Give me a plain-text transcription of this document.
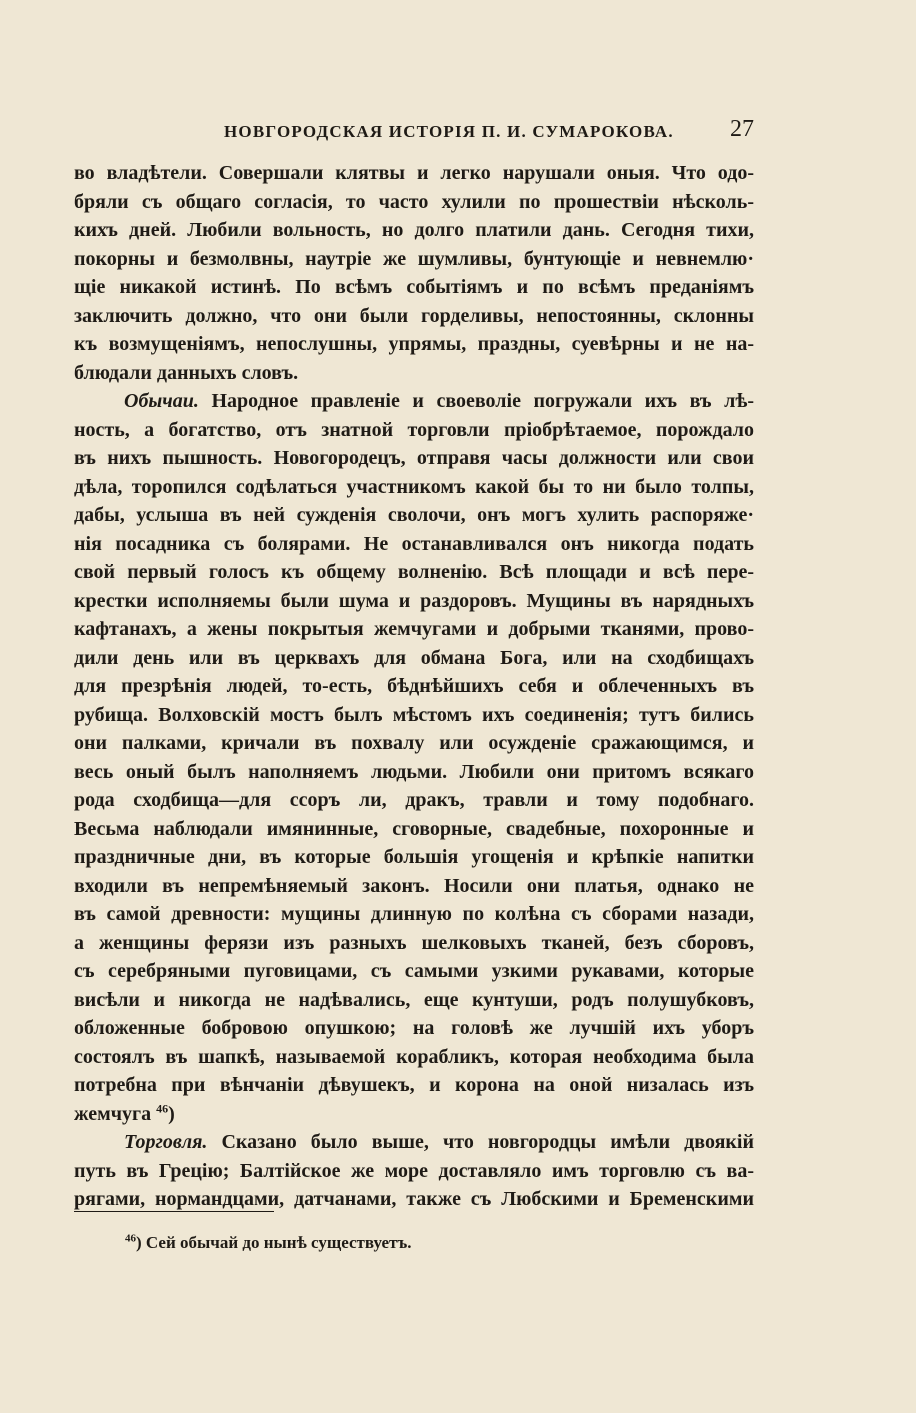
НОВГОРОДСКАЯ ИСТОРІЯ П. И. СУМАРОКОВА. 27
во владѣтели. Совершали клятвы и легко нарушали оныя. Что одо-
бряли съ общаго согласія, то часто хулили по прошествіи нѣсколь-
кихъ дней. Любили вольность, но долго платили дань. Сегодня тихи,
покорны и безмолвны, наутріе же шумливы, бунтующіе и невнемлю·
щіе никакой истинѣ. По всѣмъ событіямъ и по всѣмъ преданіямъ
заключить должно, что они были горделивы, непостоянны, склонны
къ возмущеніямъ, непослушны, упрямы, праздны, суевѣрны и не на-
блюдали данныхъ словъ.
Обычаи. Народное правленіе и своеволіе погружали ихъ въ лѣ-
ность, а богатство, отъ знатной торговли пріобрѣтаемое, порождало
въ нихъ пышность. Новогородецъ, отправя часы должности или свои
дѣла, торопился содѣлаться участникомъ какой бы то ни было толпы,
дабы, услыша въ ней сужденія сволочи, онъ могъ хулить распоряже·
нія посадника съ болярами. Не останавливался онъ никогда подать
свой первый голосъ къ общему волненію. Всѣ площади и всѣ пере-
крестки исполняемы были шума и раздоровъ. Мущины въ нарядныхъ
кафтанахъ, а жены покрытыя жемчугами и добрыми тканями, прово-
дили день или въ церквахъ для обмана Бога, или на сходбищахъ
для презрѣнія людей, то-есть, бѣднѣйшихъ себя и облеченныхъ въ
рубища. Волховскій мостъ былъ мѣстомъ ихъ соединенія; тутъ бились
они палками, кричали въ похвалу или осужденіе сражающимся, и
весь оный былъ наполняемъ людьми. Любили они притомъ всякаго
рода сходбища—для ссоръ ли, дракъ, травли и тому подобнаго.
Весьма наблюдали имянинные, сговорные, свадебные, похоронные и
праздничные дни, въ которые большія угощенія и крѣпкіе напитки
входили въ непремѣняемый законъ. Носили они платья, однако не
въ самой древности: мущины длинную по колѣна съ сборами назади,
а женщины ферязи изъ разныхъ шелковыхъ тканей, безъ сборовъ,
съ серебряными пуговицами, съ самыми узкими рукавами, которые
висѣли и никогда не надѣвались, еще кунтуши, родъ полушубковъ,
обложенные бобровою опушкою; на головѣ же лучшій ихъ уборъ
состоялъ въ шапкѣ, называемой корабликъ, которая необходима была
потребна при вѣнчаніи дѣвушекъ, и корона на оной низалась изъ
жемчуга $^{46}$)
Торговля. Сказано было выше, что новгородцы имѣли двоякій
путь въ Грецію; Балтійское же море доставляло имъ торговлю съ ва-
рягами, нормандцами, датчанами, также съ Любскими и Бременскими
$^{46}$) Сей обычай до нынѣ существуетъ.
